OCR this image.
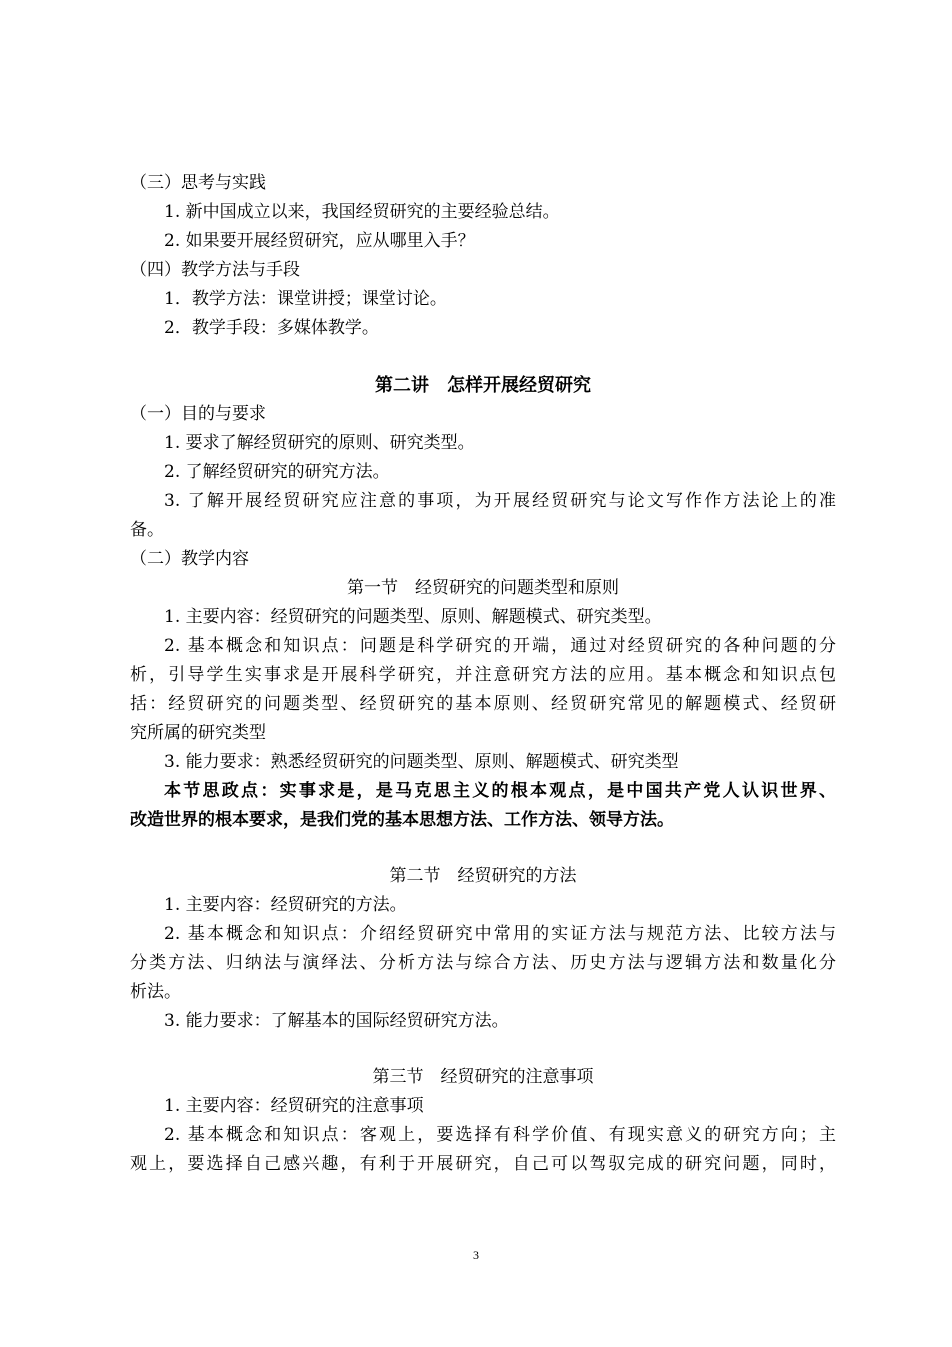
（三）思考与实践
1. 新中国成立以来，我国经贸研究的主要经验总结。
2. 如果要开展经贸研究，应从哪里入手？
（四）教学方法与手段
1．教学方法：课堂讲授；课堂讨论。
2．教学手段：多媒体教学。
第二讲　怎样开展经贸研究
（一）目的与要求
1. 要求了解经贸研究的原则、研究类型。
2. 了解经贸研究的研究方法。
3. 了解开展经贸研究应注意的事项，为开展经贸研究与论文写作作方法论上的准
备。
（二）教学内容
第一节　经贸研究的问题类型和原则
1. 主要内容：经贸研究的问题类型、原则、解题模式、研究类型。
2. 基本概念和知识点：问题是科学研究的开端，通过对经贸研究的各种问题的分
析，引导学生实事求是开展科学研究，并注意研究方法的应用。基本概念和知识点包
括：经贸研究的问题类型、经贸研究的基本原则、经贸研究常见的解题模式、经贸研
究所属的研究类型
3. 能力要求：熟悉经贸研究的问题类型、原则、解题模式、研究类型
本节思政点：实事求是，是马克思主义的根本观点，是中国共产党人认识世界、
改造世界的根本要求，是我们党的基本思想方法、工作方法、领导方法。
第二节　经贸研究的方法
1. 主要内容：经贸研究的方法。
2. 基本概念和知识点：介绍经贸研究中常用的实证方法与规范方法、比较方法与
分类方法、归纳法与演绎法、分析方法与综合方法、历史方法与逻辑方法和数量化分
析法。
3. 能力要求：了解基本的国际经贸研究方法。
第三节　经贸研究的注意事项
1. 主要内容：经贸研究的注意事项
2. 基本概念和知识点：客观上，要选择有科学价值、有现实意义的研究方向；主
观上，要选择自己感兴趣，有利于开展研究，自己可以驾驭完成的研究问题，同时，
3
